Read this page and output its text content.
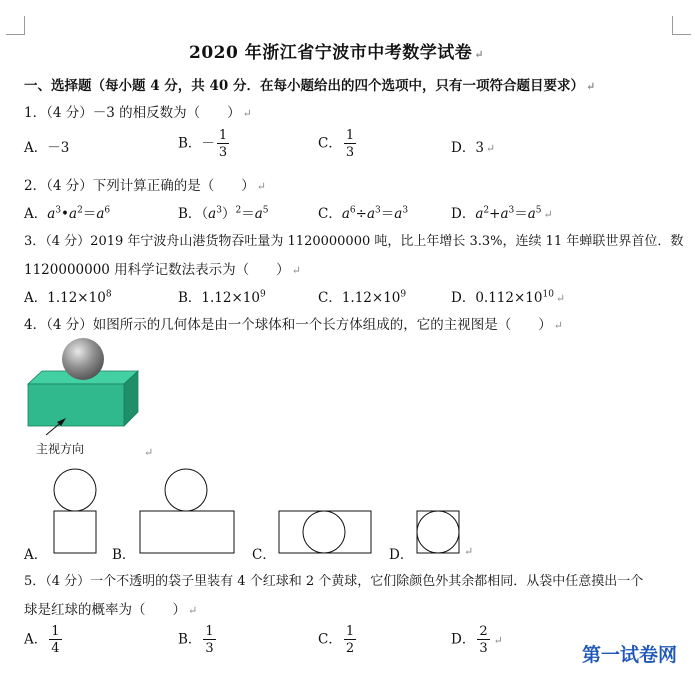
2020 年浙江省宁波市中考数学试卷 ↵
一、选择题（每小题 4 分，共 40 分．在每小题给出的四个选项中，只有一项符合题目要求） ↵
1．（4 分）－3 的相反数为（　　） ↵
A．－3	B．－ $\frac{1}{3}$	C． $\frac{1}{3}$	D．3 ↵
2．（4 分）下列计算正确的是（　　） ↵
A．$a^3•a^2=a^6$	B．$(a^3)^2=a^5$	C．$a^6\div a^3=a^3$	D．$a^2+a^3=a^5$ ↵
3．（4 分）2019 年宁波舟山港货物吞吐量为 1120000000 吨，比上年增长 3.3%，连续 11 年蝉联世界首位．数
1120000000 用科学记数法表示为（　　） ↵
A．$1.12\times 10^8$	B．$1.12\times 10^9$	C．$1.12\times 10^9$	D．$0.112\times 10^{10}$ ↵
4．（4 分）如图所示的几何体是由一个球体和一个长方体组成的，它的主视图是（　　） ↵
主视方向	↵
A．	B．	C．	D．	↵
5．（4 分）一个不透明的袋子里装有 4 个红球和 2 个黄球，它们除颜色外其余都相同．从袋中任意摸出一个
球是红球的概率为（　　） ↵
A． $\frac{1}{4}$	B． $\frac{1}{3}$	C． $\frac{1}{2}$	D． $\frac{2}{3}$ ↵
第一试卷网
